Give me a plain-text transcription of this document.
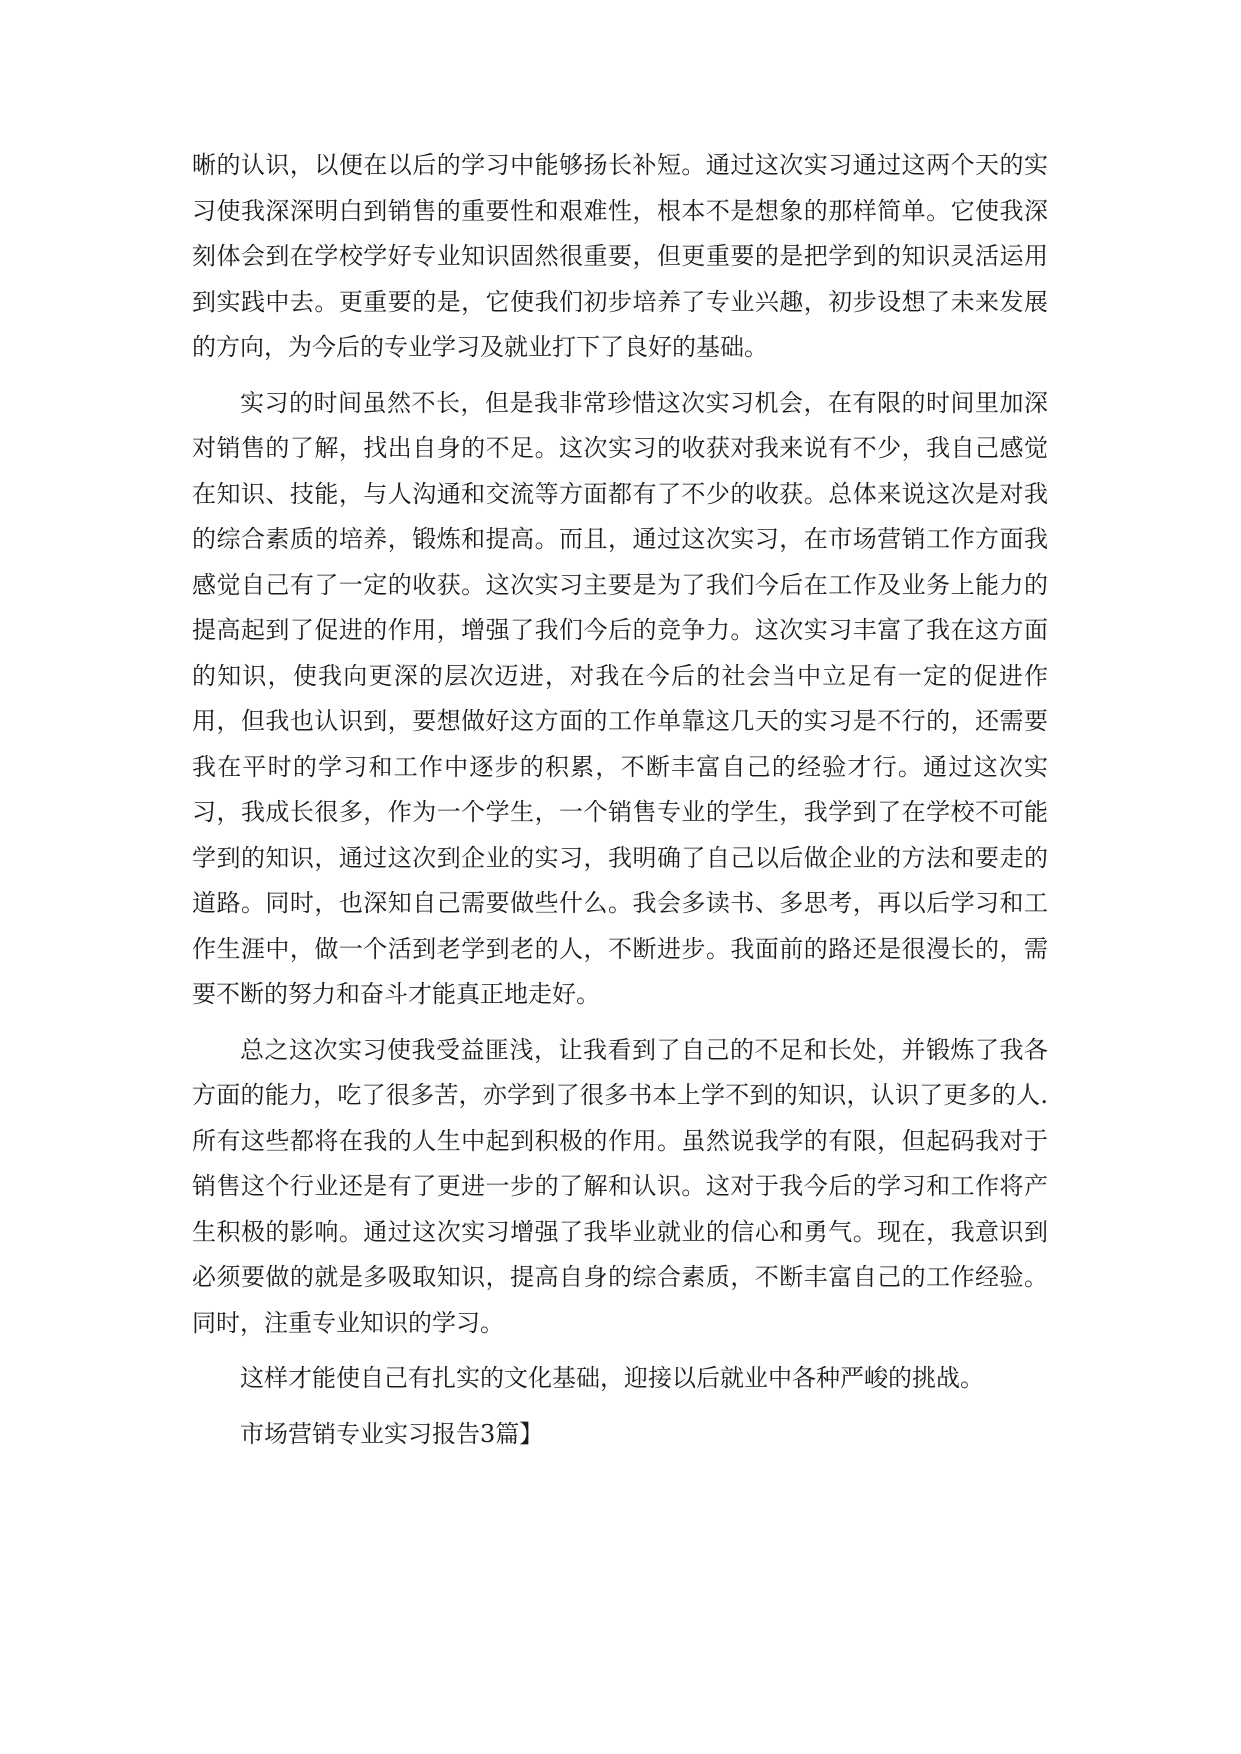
晰的认识，以便在以后的学习中能够扬长补短。通过这次实习通过这两个天的实习使我深深明白到销售的重要性和艰难性，根本不是想象的那样简单。它使我深刻体会到在学校学好专业知识固然很重要，但更重要的是把学到的知识灵活运用到实践中去。更重要的是，它使我们初步培养了专业兴趣，初步设想了未来发展的方向，为今后的专业学习及就业打下了良好的基础。

实习的时间虽然不长，但是我非常珍惜这次实习机会，在有限的时间里加深对销售的了解，找出自身的不足。这次实习的收获对我来说有不少，我自己感觉在知识、技能，与人沟通和交流等方面都有了不少的收获。总体来说这次是对我的综合素质的培养，锻炼和提高。而且，通过这次实习，在市场营销工作方面我感觉自己有了一定的收获。这次实习主要是为了我们今后在工作及业务上能力的提高起到了促进的作用，增强了我们今后的竞争力。这次实习丰富了我在这方面的知识，使我向更深的层次迈进，对我在今后的社会当中立足有一定的促进作用，但我也认识到，要想做好这方面的工作单靠这几天的实习是不行的，还需要我在平时的学习和工作中逐步的积累，不断丰富自己的经验才行。通过这次实习，我成长很多，作为一个学生，一个销售专业的学生，我学到了在学校不可能学到的知识，通过这次到企业的实习，我明确了自己以后做企业的方法和要走的道路。同时，也深知自己需要做些什么。我会多读书、多思考，再以后学习和工作生涯中，做一个活到老学到老的人，不断进步。我面前的路还是很漫长的，需要不断的努力和奋斗才能真正地走好。

总之这次实习使我受益匪浅，让我看到了自己的不足和长处，并锻炼了我各方面的能力，吃了很多苦，亦学到了很多书本上学不到的知识，认识了更多的人.所有这些都将在我的人生中起到积极的作用。虽然说我学的有限，但起码我对于销售这个行业还是有了更进一步的了解和认识。这对于我今后的学习和工作将产生积极的影响。通过这次实习增强了我毕业就业的信心和勇气。现在，我意识到必须要做的就是多吸取知识，提高自身的综合素质，不断丰富自己的工作经验。同时，注重专业知识的学习。

这样才能使自己有扎实的文化基础，迎接以后就业中各种严峻的挑战。

市场营销专业实习报告3篇】
